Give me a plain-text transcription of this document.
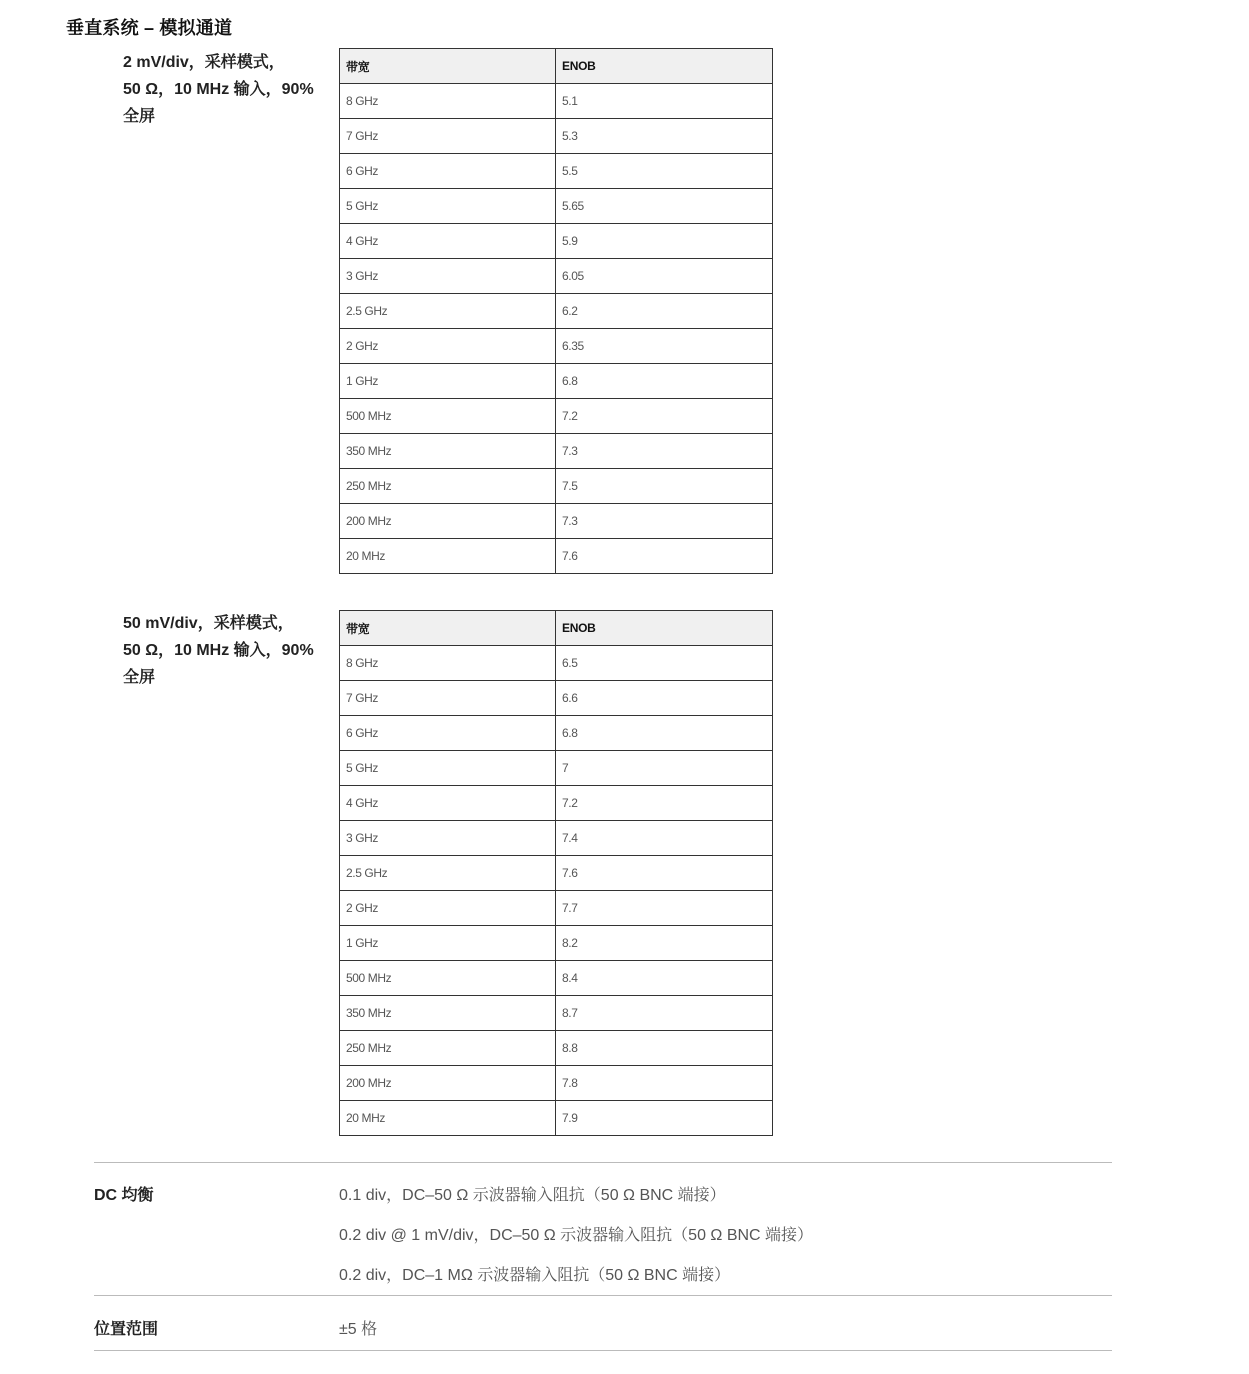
垂直系统 – 模拟通道
2 mV/div，采样模式，
50 Ω，10 MHz 输入，90%
全屏
带宽	ENOB
8 GHz	5.1
7 GHz	5.3
6 GHz	5.5
5 GHz	5.65
4 GHz	5.9
3 GHz	6.05
2.5 GHz	6.2
2 GHz	6.35
1 GHz	6.8
500 MHz	7.2
350 MHz	7.3
250 MHz	7.5
200 MHz	7.3
20 MHz	7.6
50 mV/div，采样模式，
50 Ω，10 MHz 输入，90%
全屏
带宽	ENOB
8 GHz	6.5
7 GHz	6.6
6 GHz	6.8
5 GHz	7
4 GHz	7.2
3 GHz	7.4
2.5 GHz	7.6
2 GHz	7.7
1 GHz	8.2
500 MHz	8.4
350 MHz	8.7
250 MHz	8.8
200 MHz	7.8
20 MHz	7.9
DC 均衡	0.1 div，DC–50 Ω 示波器输入阻抗（50 Ω BNC 端接）
0.2 div @ 1 mV/div，DC–50 Ω 示波器输入阻抗（50 Ω BNC 端接）
0.2 div，DC–1 MΩ 示波器输入阻抗（50 Ω BNC 端接）
位置范围	±5 格
